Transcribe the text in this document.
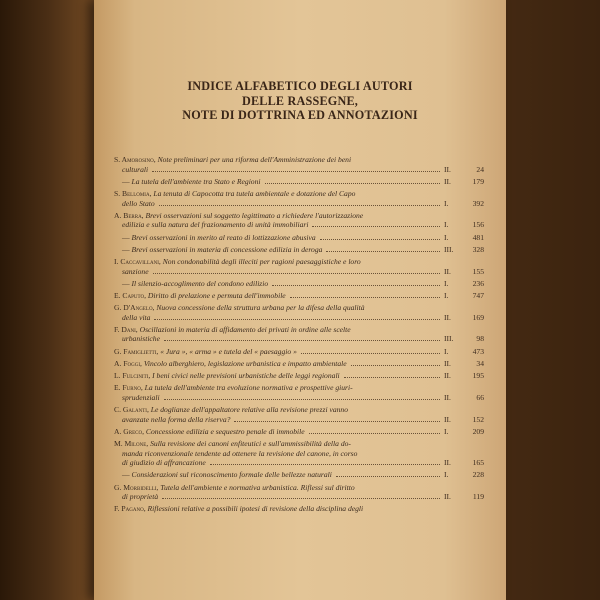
INDICE ALFABETICO DEGLI AUTORI
DELLE RASSEGNE,
NOTE DI DOTTRINA ED ANNOTAZIONI
S. Amorosino, Note preliminari per una riforma dell'Amministrazione dei beni
culturali	II.	24
— La tutela dell'ambiente tra Stato e Regioni	II.	179
S. Bellomia, La tenuta di Capocotta tra tutela ambientale e dotazione del Capo
dello Stato	I.	392
A. Berra, Brevi osservazioni sul soggetto legittimato a richiedere l'autorizzazione
edilizia e sulla natura del frazionamento di unità immobiliari	I.	156
— Brevi osservazioni in merito al reato di lottizzazione abusiva	I.	481
— Brevi osservazioni in materia di concessione edilizia in deroga	III.	328
I. Caccavillani, Non condonabilità degli illeciti per ragioni paesaggistiche e loro
sanzione	II.	155
— Il silenzio-accoglimento del condono edilizio	I.	236
E. Caputo, Diritto di prelazione e permuta dell'immobile	I.	747
G. D'Angelo, Nuova concessione della struttura urbana per la difesa della qualità
della vita	II.	169
F. Dani, Oscillazioni in materia di affidamento dei privati in ordine alle scelte
urbanistiche	III.	98
G. Famiglietti, « Jura », « arma » e tutela del « paesaggio »	I.	473
A. Foggi, Vincolo alberghiero, legislazione urbanistica e impatto ambientale	II.	34
L. Fulciniti, I beni civici nelle previsioni urbanistiche delle leggi regionali	II.	195
E. Furno, La tutela dell'ambiente tra evoluzione normativa e prospettive giuri-
sprudenziali	II.	66
C. Galanti, Le doglianze dell'appaltatore relative alla revisione prezzi vanno
avanzate nella forma della riserva?	II.	152
A. Greco, Concessione edilizia e sequestro penale di immobile	I.	209
M. Milone, Sulla revisione dei canoni enfiteutici e sull'ammissibilità della do-
manda riconvenzionale tendente ad ottenere la revisione del canone, in corso
di giudizio di affrancazione	II.	165
— Considerazioni sul riconoscimento formale delle bellezze naturali	I.	228
G. Morbidelli, Tutela dell'ambiente e normativa urbanistica. Riflessi sul diritto
di proprietà	II.	119
F. Pagano, Riflessioni relative a possibili ipotesi di revisione della disciplina degli
